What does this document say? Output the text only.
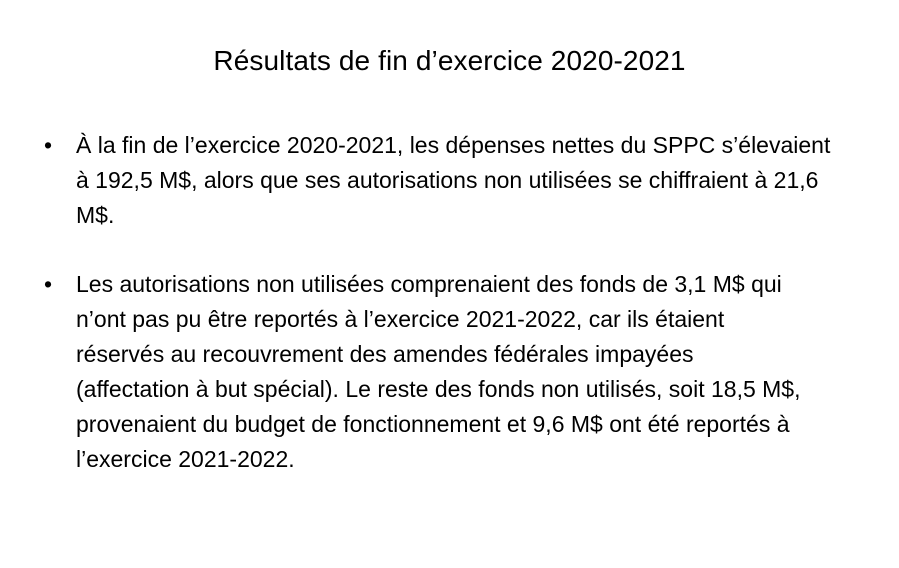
Résultats de fin d’exercice 2020-2021
•	À la fin de l’exercice 2020-2021, les dépenses nettes du SPPC s’élevaient à 192,5 M$, alors que ses autorisations non utilisées se chiffraient à 21,6 M$.
•	Les autorisations non utilisées comprenaient des fonds de 3,1 M$ qui n’ont pas pu être reportés à l’exercice 2021-2022, car ils étaient réservés au recouvrement des amendes fédérales impayées (affectation à but spécial). Le reste des fonds non utilisés, soit 18,5 M$, provenaient du budget de fonctionnement et 9,6 M$ ont été reportés à l’exercice 2021-2022.
